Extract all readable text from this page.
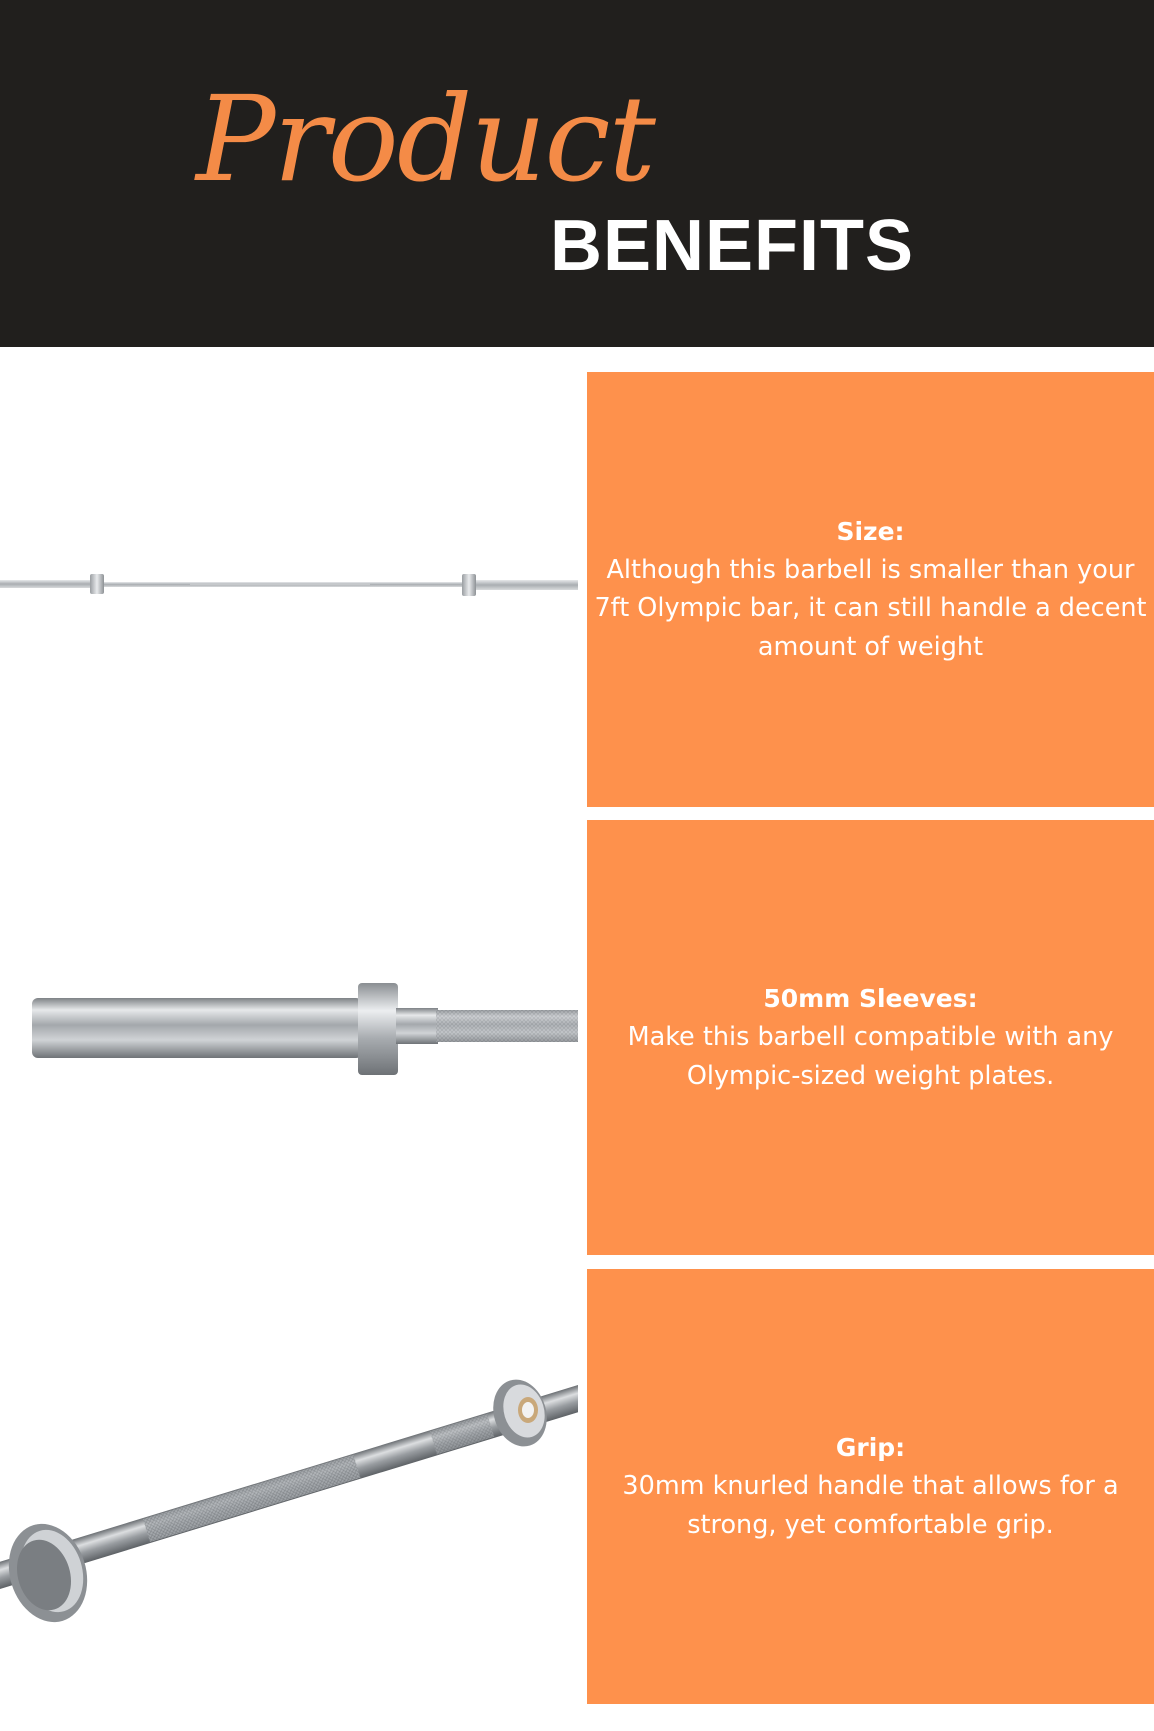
Product
BENEFITS
Size:
Although this barbell is smaller than your 7ft Olympic bar, it can still handle a decent amount of weight
50mm Sleeves:
Make this barbell compatible with any Olympic-sized weight plates.
Grip:
30mm knurled handle that allows for a strong, yet comfortable grip.
